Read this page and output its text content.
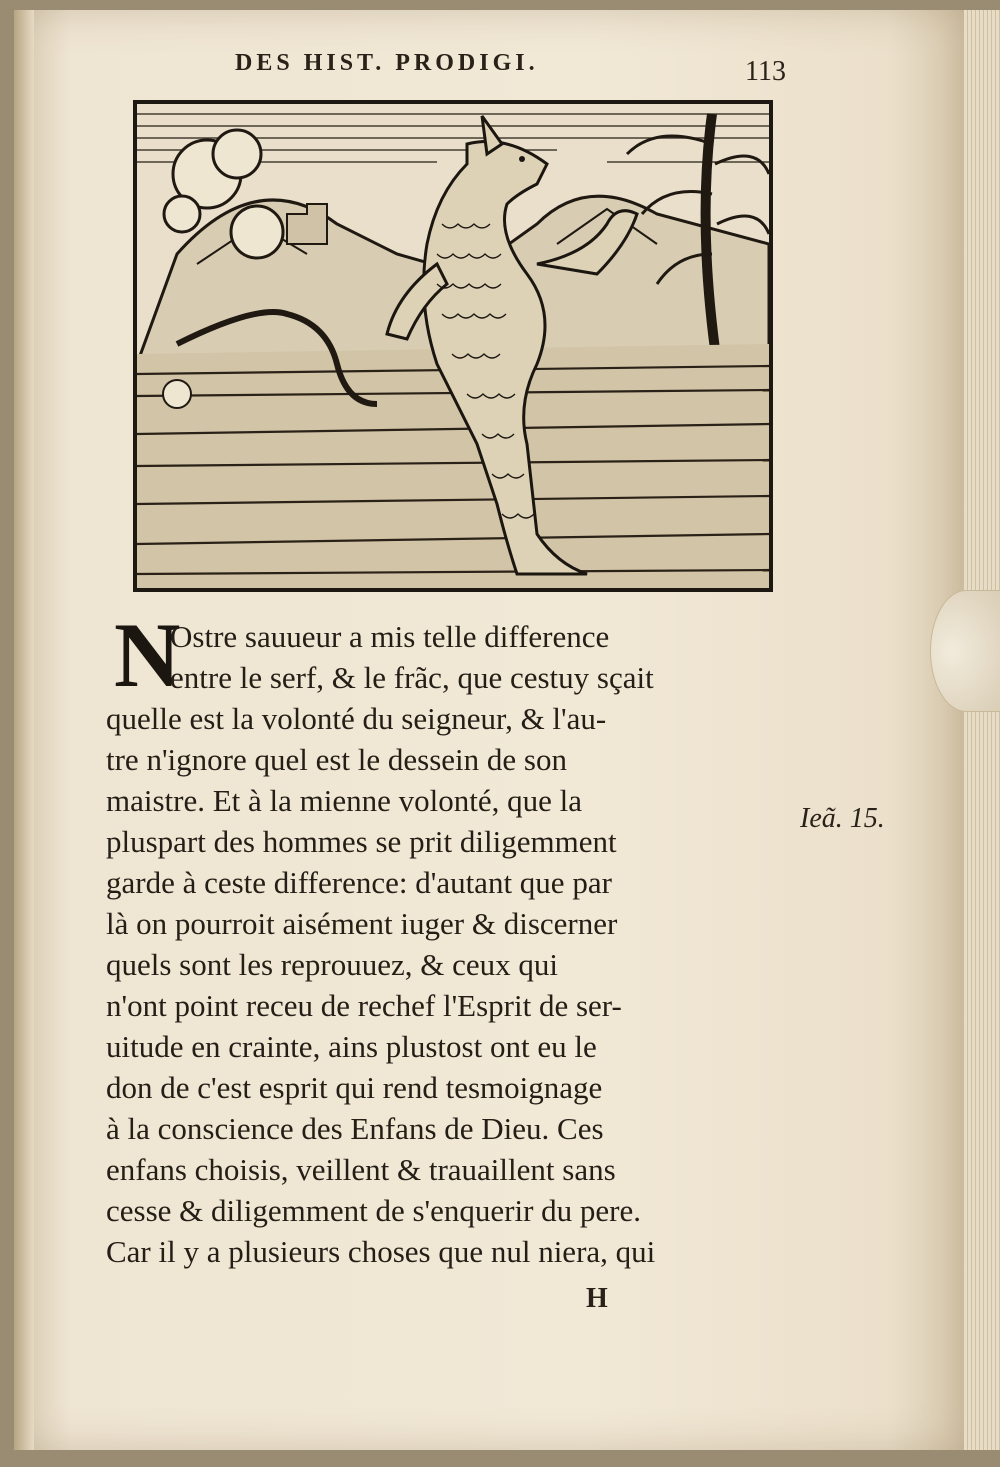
DES HIST. PRODIGI.	113
N
Ostre sauueur a mis telle difference
entre le serf, & le frãc, que cestuy sçait
quelle est la volonté du seigneur, & l'au-
tre n'ignore quel est le dessein de son
maistre. Et à la mienne volonté, que la
pluspart des hommes se prit diligemment
garde à ceste difference: d'autant que par
là on pourroit aisément iuger & discerner
quels sont les reprouuez, & ceux qui
n'ont point receu de rechef l'Esprit de ser-
uitude en crainte, ains plustost ont eu le
don de c'est esprit qui rend tesmoignage
à la conscience des Enfans de Dieu. Ces
enfans choisis, veillent & trauaillent sans
cesse & diligemment de s'enquerir du pere.
Car il y a plusieurs choses que nul niera, qui
Ieã. 15.
H
